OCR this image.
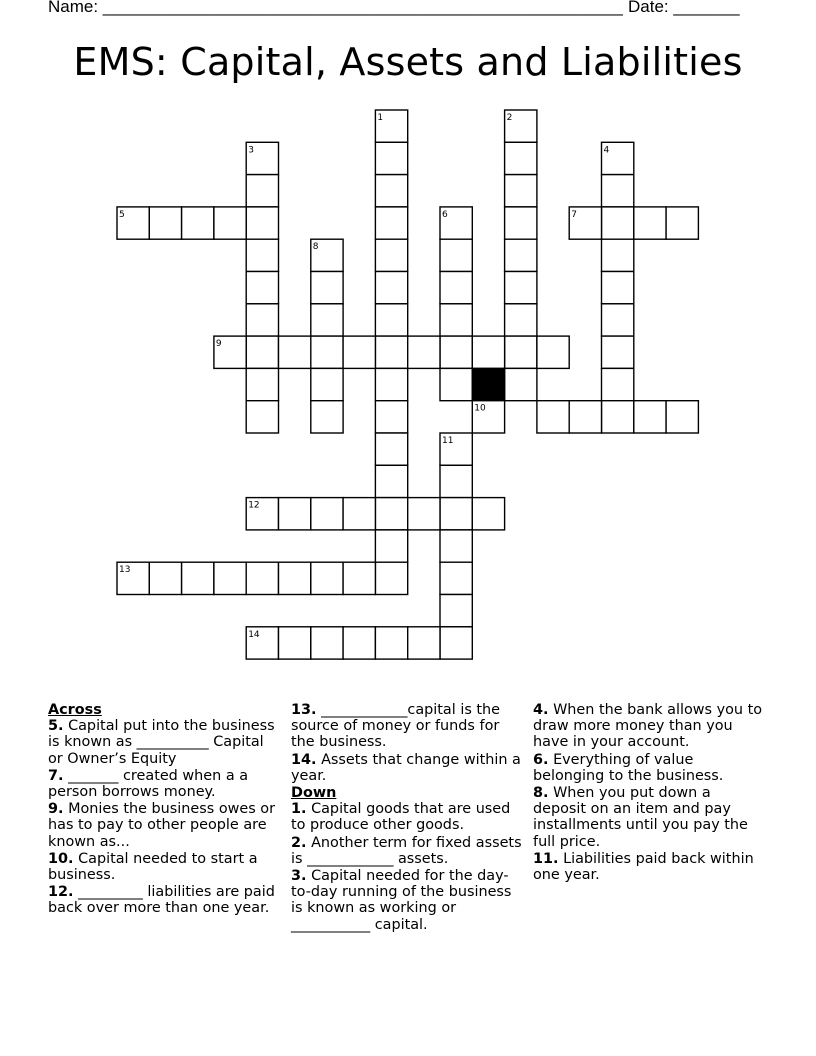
Name: _______________________________________________________ Date: _______
EMS: Capital, Assets and Liabilities
1	2
3	4
5	6	7
8
9
10
11
12
13
14
Across
5. Capital put into the business is known as __________ Capital or Owner’s Equity
7. _______ created when a a person borrows money.
9. Monies the business owes or has to pay to other people are known as...
10. Capital needed to start a business.
12. _________ liabilities are paid back over more than one year.
13. ____________capital is the source of money or funds for the business.
14. Assets that change within a year.
Down
1. Capital goods that are used to produce other goods.
2. Another term for fixed assets is ____________ assets.
3. Capital needed for the day-to-day running of the business is known as working or ___________ capital.
4. When the bank allows you to draw more money than you have in your account.
6. Everything of value belonging to the business.
8. When you put down a deposit on an item and pay installments until you pay the full price.
11. Liabilities paid back within one year.
